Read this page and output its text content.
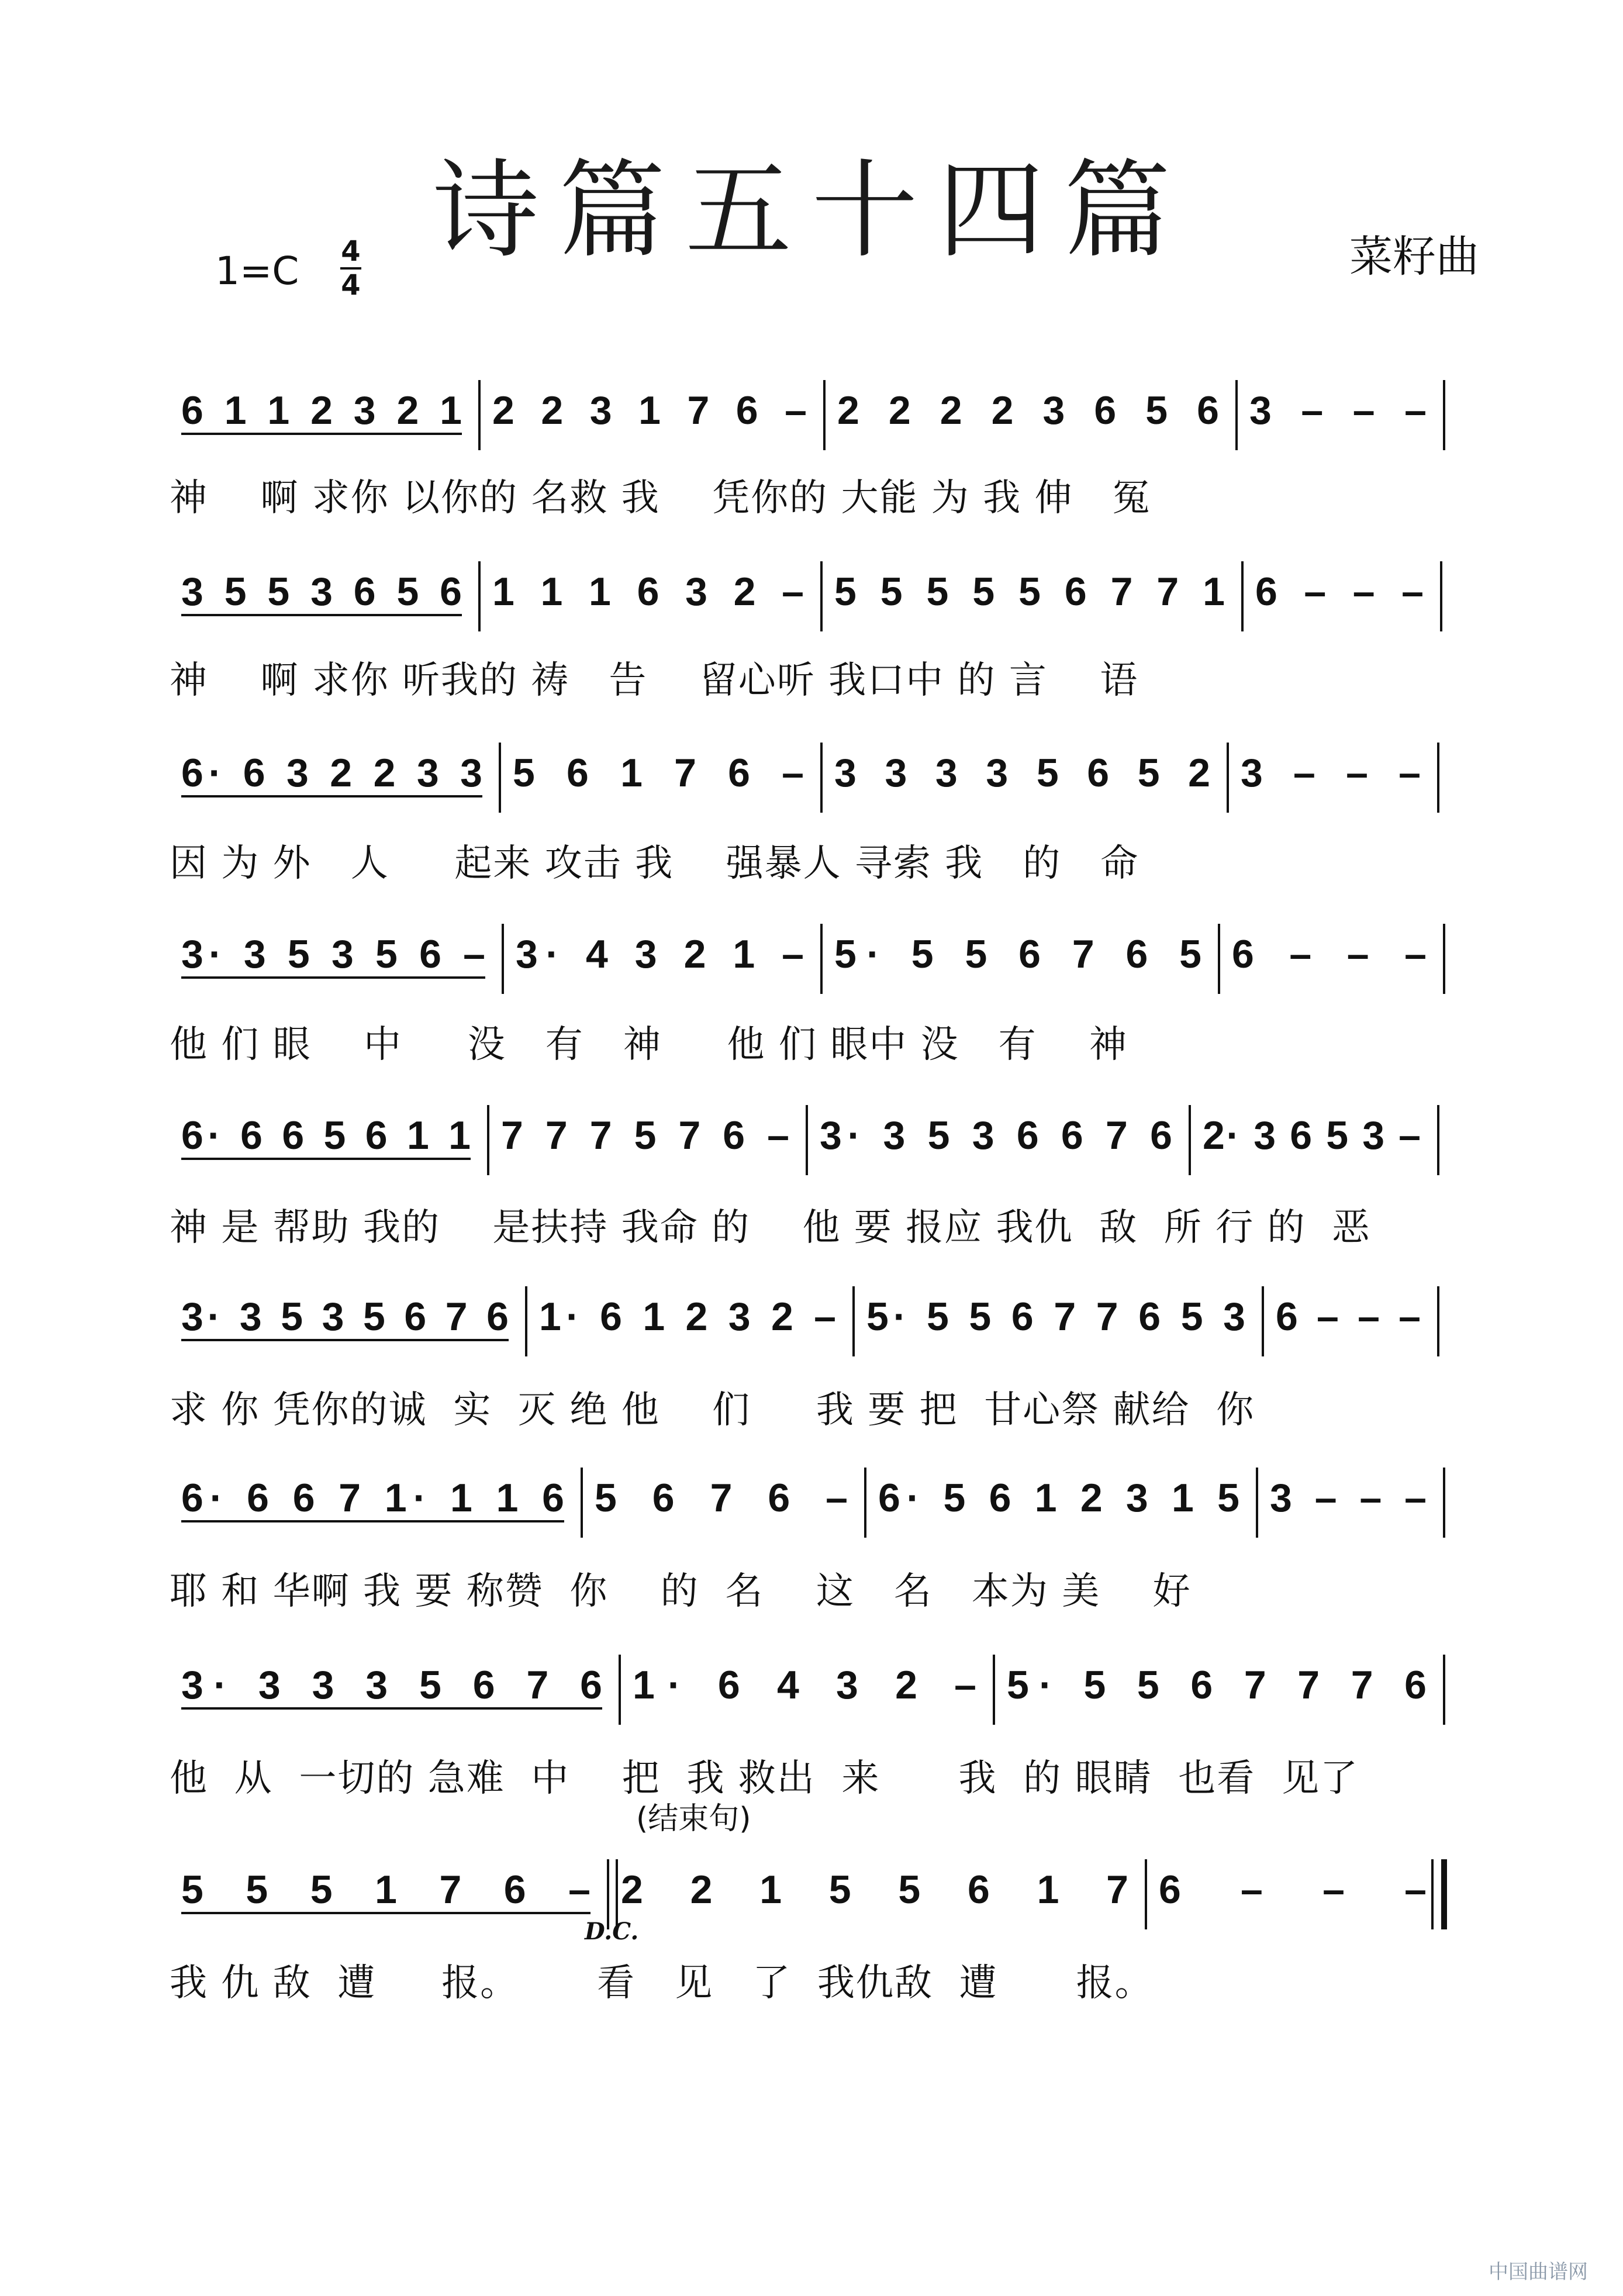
诗篇五十四篇	菜籽曲
1=C 4
4
6 1 1 2 3 2 1 2 2 3 1 7 6 – 2 2 2 2 3 6 5 6 3 – – –
3 5 5 3 6 5 6 1 1 1 6 3 2 – 5 5 5 5 5 6 7 7 1 6 – – –
6· 6 3 2 2 3 3 5 6 1 7 6 – 3 3 3 3 5 6 5 2 3 – – –
3· 3 5 3 5 6 – 3· 4 3 2 1 – 5· 5 5 6 7 6 5 6 – – –
6· 6 6 5 6 1 1 7 7 7 5 7 6 – 3· 3 5 3 6 6 7 6 2· 3 6 5 3 –
3· 3 5 3 5 6 7 6 1· 6 1 2 3 2 – 5· 5 5 6 7 7 6 5 3 6 – – –
6· 6 6 7 1· 1 1 6 5 6 7 6 – 6· 5 6 1 2 3 1 5 3 – – –
3· 3 3 3 5 6 7 6 1· 6 4 3 2 – 5· 5 5 6 7 7 7 6
5 5 5 1 7 6 – 2 2 1 5 5 6 1 7 6 – – –
(结束句)
D.C.
中国曲谱网
神    啊 求你 以你的 名救 我    凭你的 大能 为 我 伸   冤
神    啊 求你 听我的 祷   告    留心听 我口中 的 言    语
因 为 外   人     起来 攻击 我    强暴人 寻索 我   的   命
他 们 眼    中     没   有   神     他 们 眼中 没   有    神
神 是 帮助 我的    是扶持 我命 的    他 要 报应 我仇  敌  所 行 的  恶
求 你 凭你的诚  实  灭 绝 他    们     我 要 把  甘心祭 献给  你
耶 和 华啊 我 要 称赞  你    的  名    这   名   本为 美    好
他  从  一切的 急难  中    把  我 救出  来      我  的 眼睛  也看  见了
我 仇 敌  遭     报。      看   见   了  我仇敌  遭      报。
